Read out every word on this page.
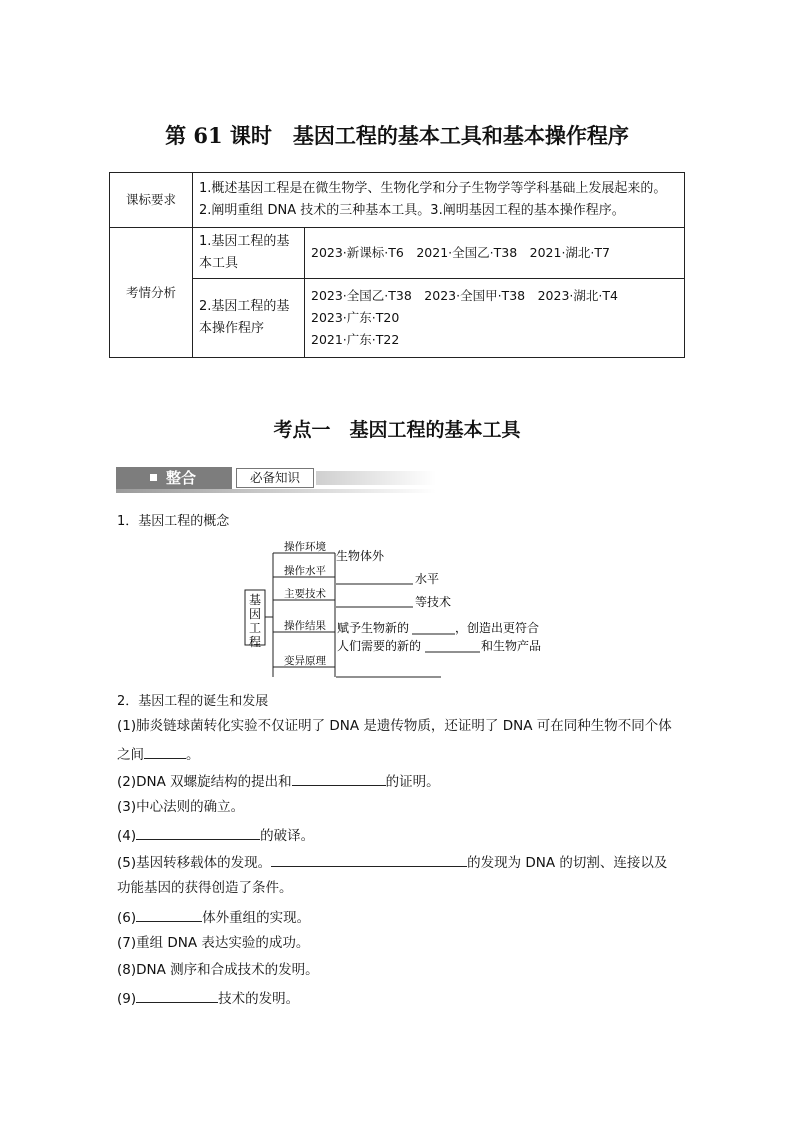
第 61 课时　基因工程的基本工具和基本操作程序
课标要求	1.概述基因工程是在微生物学、生物化学和分子生物学等学科基础上发展起来的。2.阐明重组 DNA 技术的三种基本工具。3.阐明基因工程的基本操作程序。	
考情分析	1.基因工程的基本工具	2023·新课标·T6　2021·全国乙·T38　2021·湖北·T7

	2.基因工程的基本操作程序	2023·全国乙·T38　2023·全国甲·T38　2023·湖北·T4
2023·广东·T20
2021·广东·T22
考点一　基因工程的基本工具
整合	必备知识
1．基因工程的概念
基因工程
操作环境
操作水平
主要技术
操作结果
变异原理
生物体外
水平
等技术
赋予生物新的	，创造出更符合
人们需要的新的	和生物产品
2．基因工程的诞生和发展
(1)肺炎链球菌转化实验不仅证明了 DNA 是遗传物质，还证明了 DNA 可在同种生物不同个体
之间	。
(2)DNA 双螺旋结构的提出和	的证明。
(3)中心法则的确立。
(4)	的破译。
(5)基因转移载体的发现。	的发现为 DNA 的切割、连接以及
功能基因的获得创造了条件。
(6)	体外重组的实现。
(7)重组 DNA 表达实验的成功。
(8)DNA 测序和合成技术的发明。
(9)	技术的发明。
